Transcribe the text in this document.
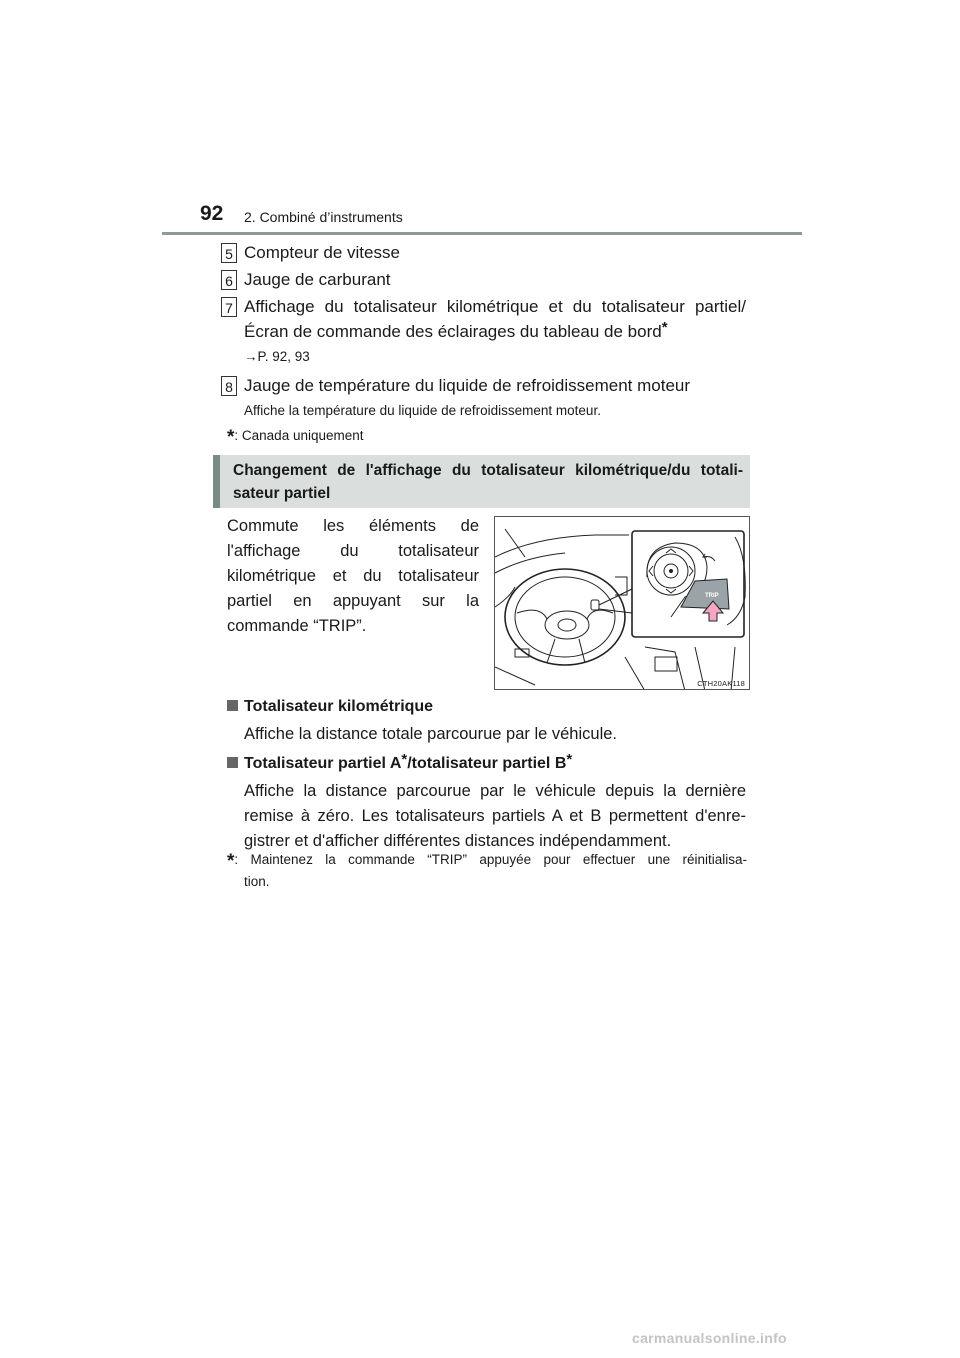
92 2. Combiné d’instruments
5 Compteur de vitesse
6 Jauge de carburant
7 Affichage du totalisateur kilométrique et du totalisateur partiel/
Écran de commande des éclairages du tableau de bord*
→P. 92, 93
8 Jauge de température du liquide de refroidissement moteur
Affiche la température du liquide de refroidissement moteur.
*: Canada uniquement
Changement de l'affichage du totalisateur kilométrique/du totali-sateur partiel
Commute les éléments de l'affichage du totalisateur kilométrique et du totalisateur partiel en appuyant sur la commande “TRIP”.
TRIP
CTH20AK118
Totalisateur kilométrique
Affiche la distance totale parcourue par le véhicule.
Totalisateur partiel A*/totalisateur partiel B*
Affiche la distance parcourue par le véhicule depuis la dernière
remise à zéro. Les totalisateurs partiels A et B permettent d'enre-
gistrer et d'afficher différentes distances indépendamment.
*: Maintenez la commande “TRIP” appuyée pour effectuer une réinitialisa-
tion.
carmanualsonline.info
